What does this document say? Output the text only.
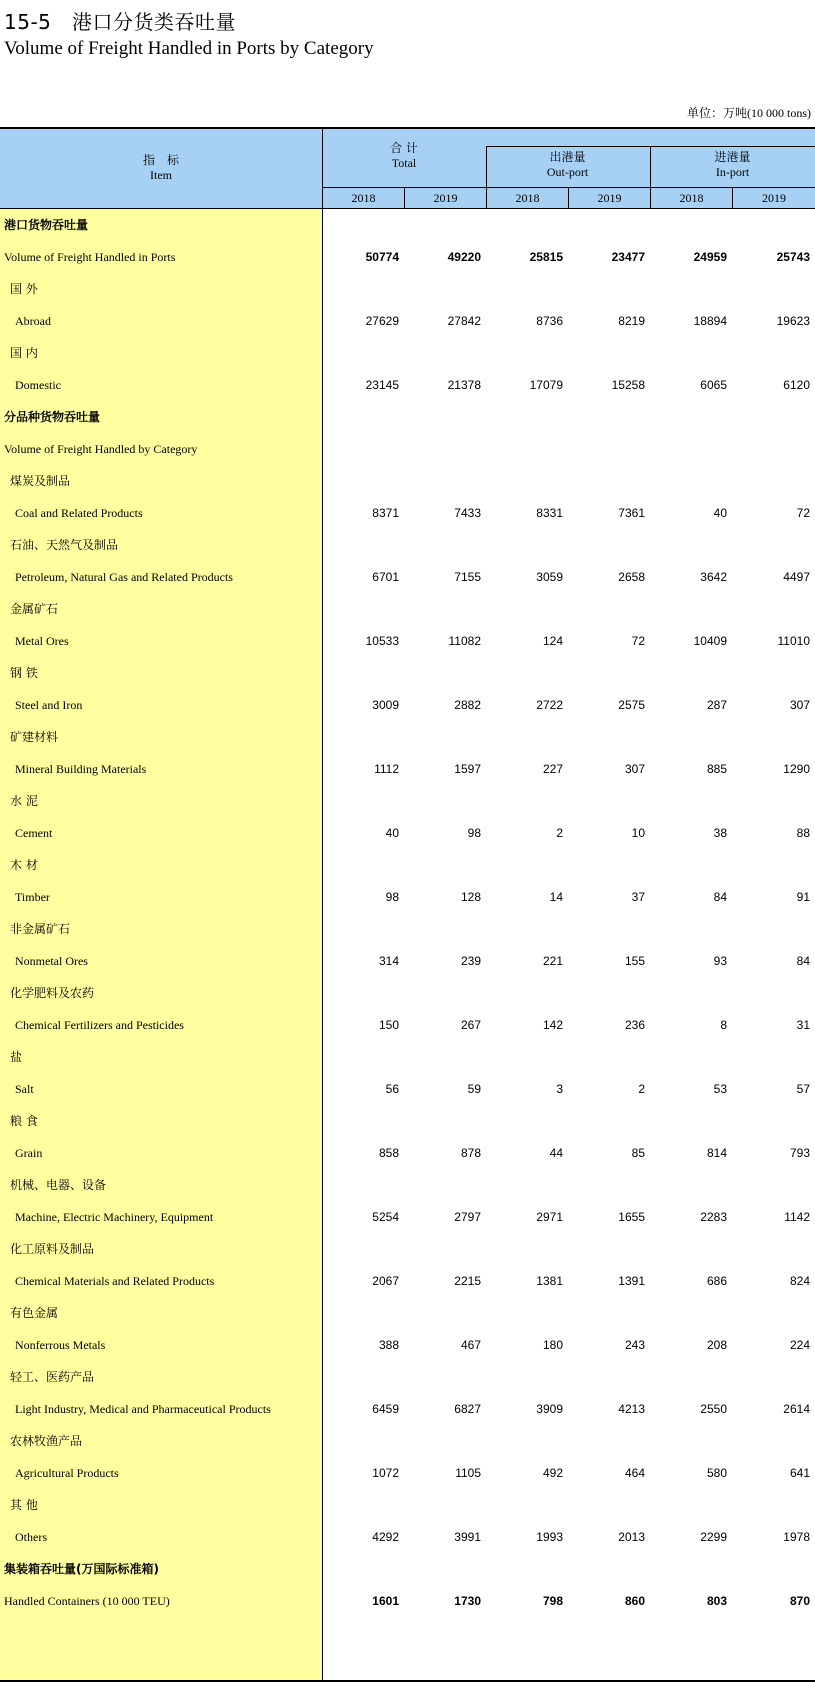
15-5 港口分货类吞吐量
Volume of Freight Handled in Ports by Category
单位：万吨(10 000 tons)
指　标
Item
合 计
Total	出港量
Out-port
进港量
In-port
2018	2019	2018	2019	2018	2019
港口货物吞吐量
Volume of Freight Handled in Ports	50774	49220	25815	23477	24959	25743
国 外
Abroad	27629	27842	8736	8219	18894	19623
国 内
Domestic	23145	21378	17079	15258	6065	6120
分品种货物吞吐量
Volume of Freight Handled by Category
煤炭及制品
Coal and Related Products	8371	7433	8331	7361	40	72
石油、天然气及制品
Petroleum, Natural Gas and Related Products	6701	7155	3059	2658	3642	4497
金属矿石
Metal Ores	10533	11082	124	72	10409	11010
钢 铁
Steel and Iron	3009	2882	2722	2575	287	307
矿建材料
Mineral Building Materials	1112	1597	227	307	885	1290
水 泥
Cement	40	98	2	10	38	88
木 材
Timber	98	128	14	37	84	91
非金属矿石
Nonmetal Ores	314	239	221	155	93	84
化学肥料及农药
Chemical Fertilizers and Pesticides	150	267	142	236	8	31
盐
Salt	56	59	3	2	53	57
粮 食
Grain	858	878	44	85	814	793
机械、电器、设备
Machine, Electric Machinery, Equipment	5254	2797	2971	1655	2283	1142
化工原料及制品
Chemical Materials and Related Products	2067	2215	1381	1391	686	824
有色金属
Nonferrous Metals	388	467	180	243	208	224
轻工、医药产品
Light Industry, Medical and Pharmaceutical Products	6459	6827	3909	4213	2550	2614
农林牧渔产品
Agricultural Products	1072	1105	492	464	580	641
其 他
Others	4292	3991	1993	2013	2299	1978
集装箱吞吐量(万国际标准箱)
Handled Containers (10 000 TEU)	1601	1730	798	860	803	870
